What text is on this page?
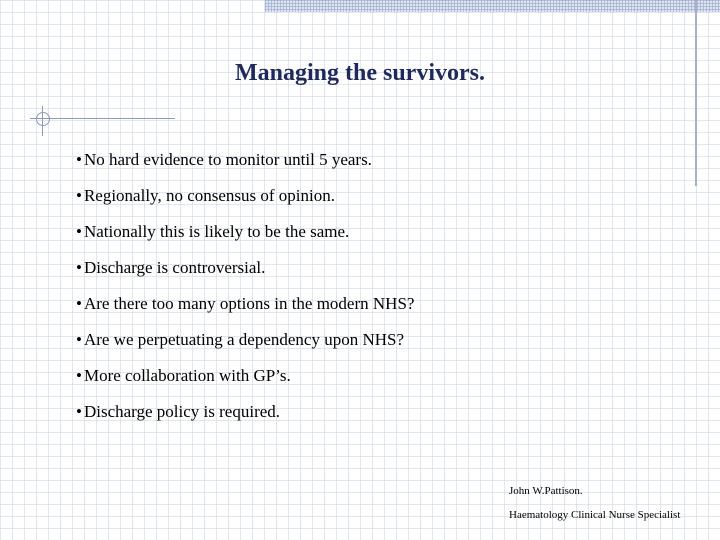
Managing the survivors.
• No hard evidence to monitor until 5 years.
• Regionally, no consensus of opinion.
• Nationally this is likely to be the same.
• Discharge is controversial.
• Are there too many options in the modern NHS?
• Are we perpetuating a dependency upon NHS?
• More collaboration with GP’s.
• Discharge policy is required.
John W.Pattison.
Haematology Clinical Nurse Specialist
